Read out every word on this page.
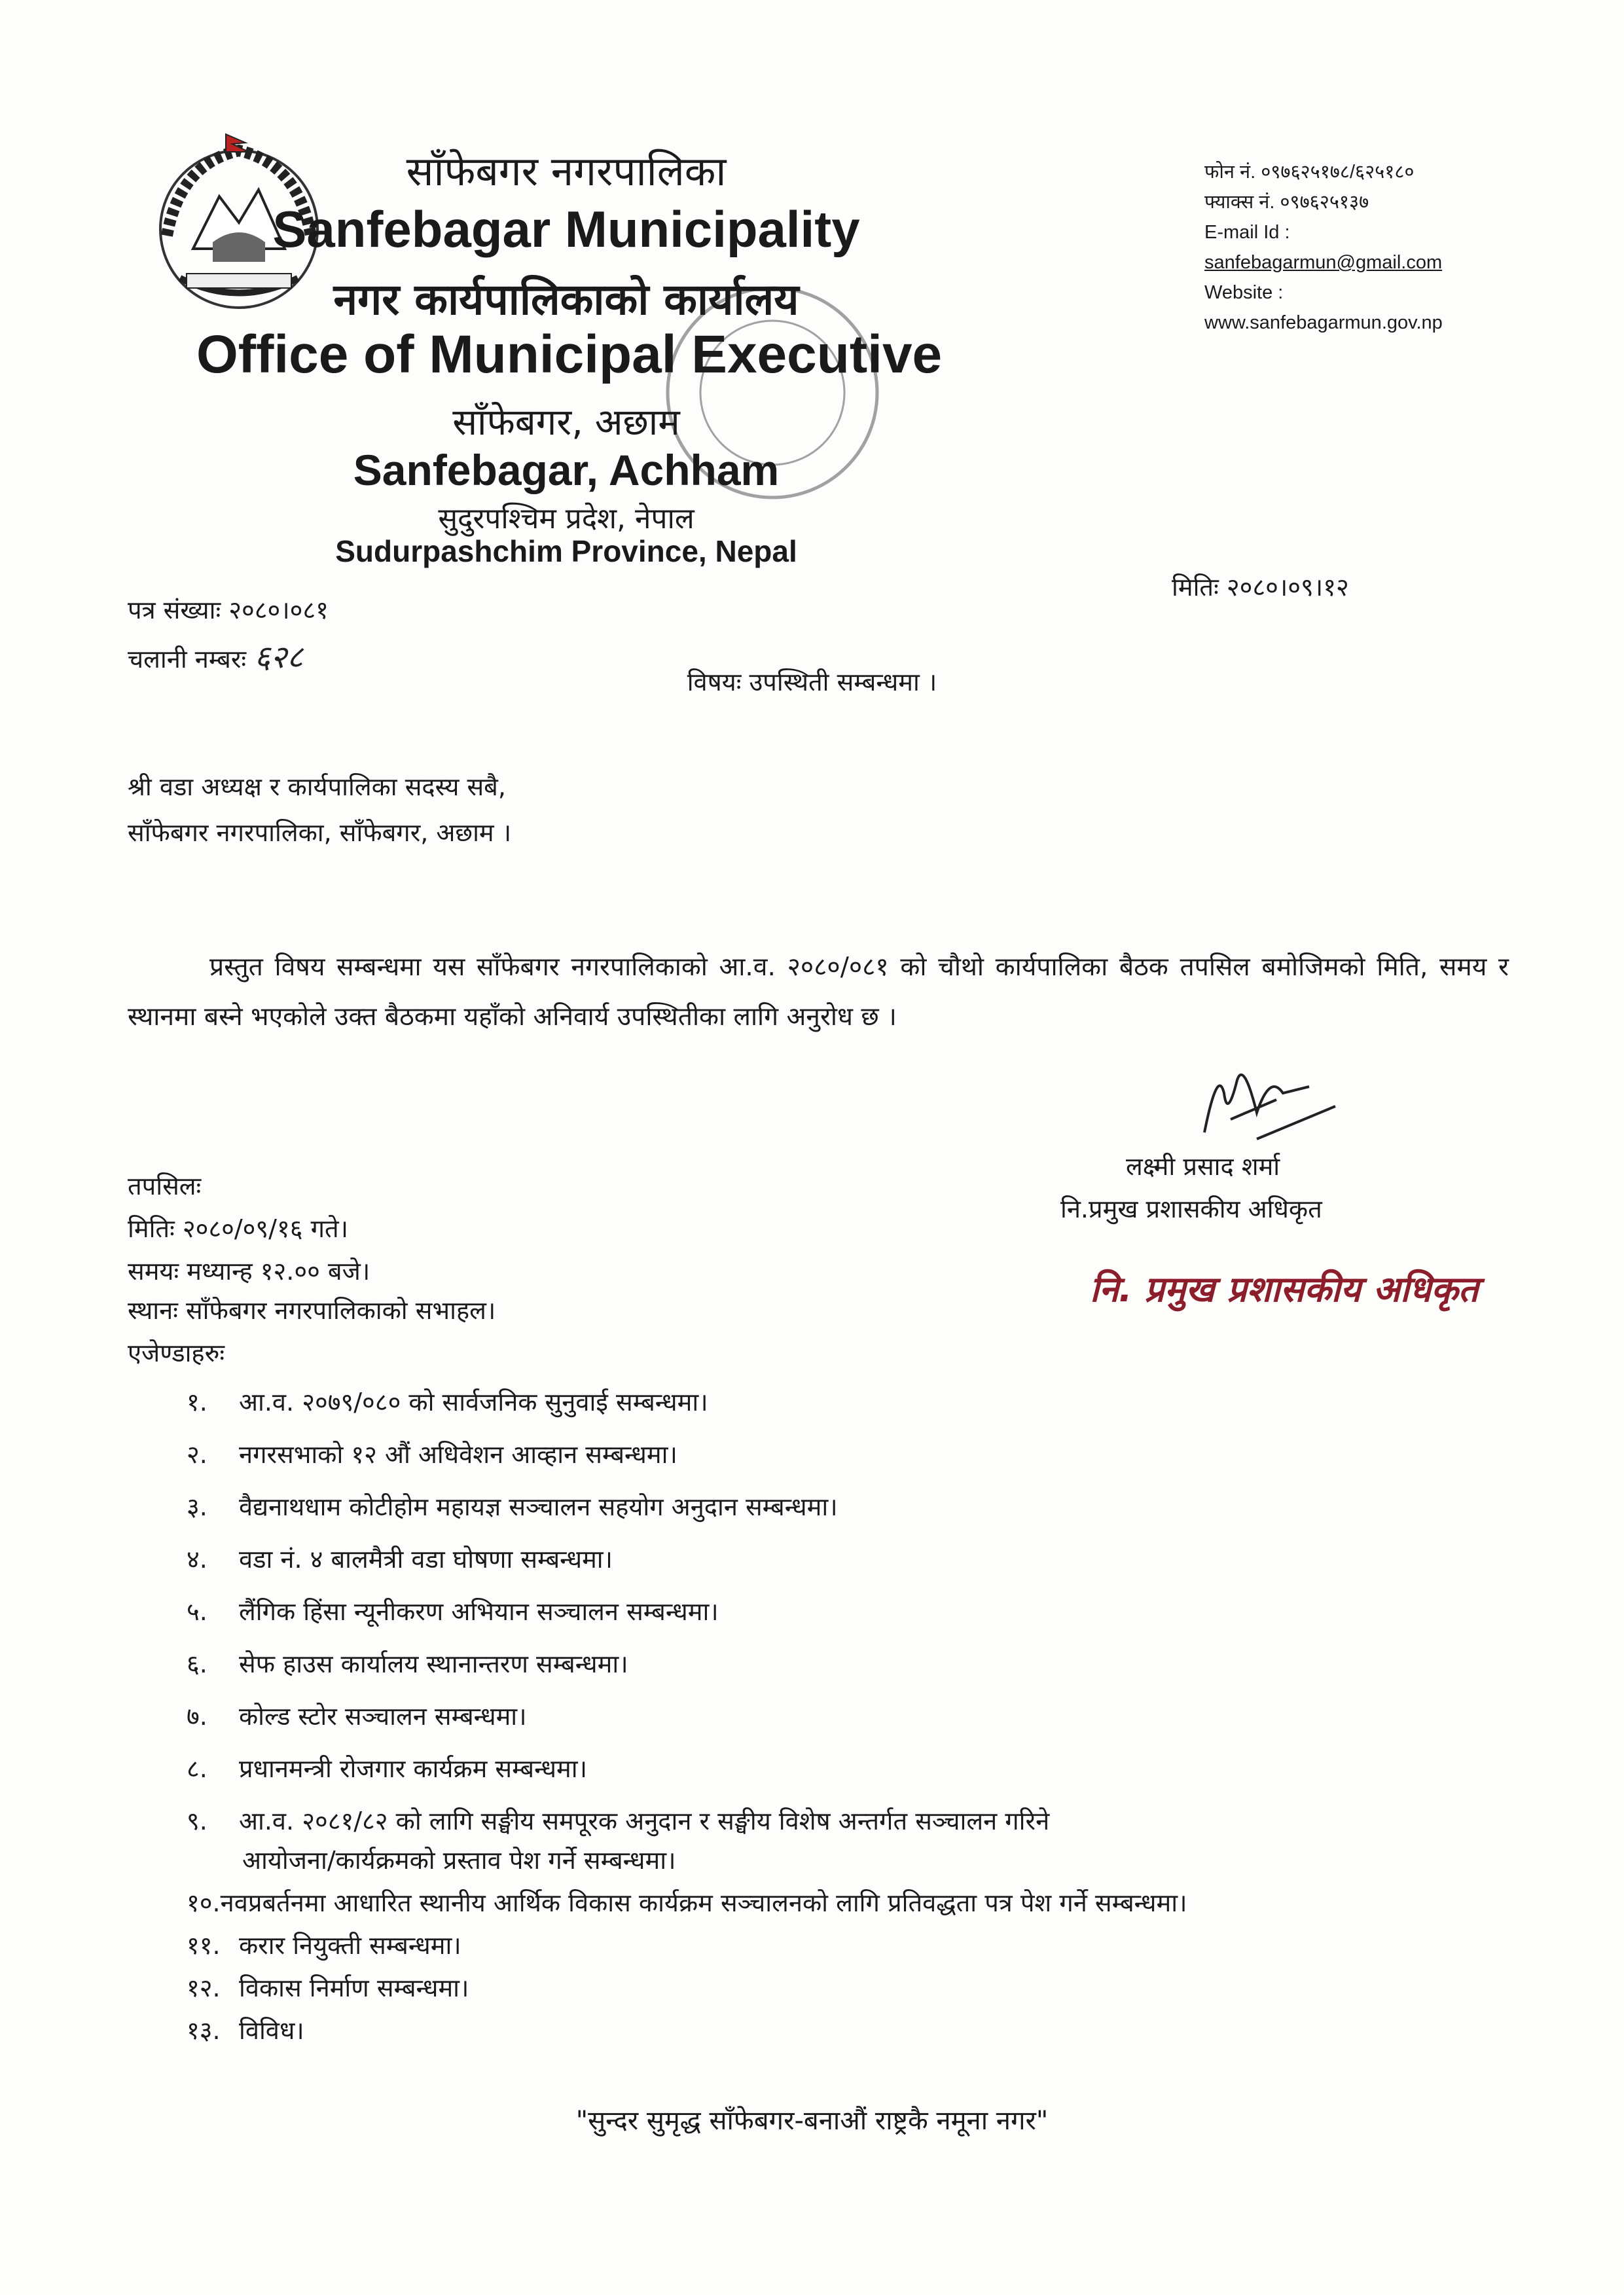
साँफेबगर नगरपालिका
Sanfebagar Municipality
नगर कार्यपालिकाको कार्यालय
Office of Municipal Executive
साँफेबगर, अछाम
Sanfebagar, Achham
सुदुरपश्चिम प्रदेश, नेपाल
Sudurpashchim Province, Nepal
फोन नं. ०९७६२५१७८/६२५१८०
फ्याक्स नं. ०९७६२५१३७
E-mail Id :
sanfebagarmun@gmail.com
Website :
www.sanfebagarmun.gov.np
पत्र संख्याः २०८०।०८१
चलानी नम्बरः ६२८
मितिः २०८०।०९।१२
विषयः उपस्थिती सम्बन्धमा ।
श्री वडा अध्यक्ष र कार्यपालिका सदस्य सबै,
साँफेबगर नगरपालिका, साँफेबगर, अछाम ।
प्रस्तुत विषय सम्बन्धमा यस साँफेबगर नगरपालिकाको आ.व. २०८०/०८१ को चौथो कार्यपालिका बैठक तपसिल बमोजिमको मिति, समय र स्थानमा बस्ने भएकोले उक्त बैठकमा यहाँको अनिवार्य उपस्थितीका लागि अनुरोध छ ।
लक्ष्मी प्रसाद शर्मा
नि.प्रमुख प्रशासकीय अधिकृत
नि. प्रमुख प्रशासकीय अधिकृत
तपसिलः
मितिः २०८०/०९/१६ गते।
समयः मध्यान्ह १२.०० बजे।
स्थानः साँफेबगर नगरपालिकाको सभाहल।
एजेण्डाहरुः
१. आ.व. २०७९/०८० को सार्वजनिक सुनुवाई सम्बन्धमा।
२. नगरसभाको १२ औं अधिवेशन आव्हान सम्बन्धमा।
३. वैद्यनाथधाम कोटीहोम महायज्ञ सञ्चालन सहयोग अनुदान सम्बन्धमा।
४. वडा नं. ४ बालमैत्री वडा घोषणा सम्बन्धमा।
५. लैंगिक हिंसा न्यूनीकरण अभियान सञ्चालन सम्बन्धमा।
६. सेफ हाउस कार्यालय स्थानान्तरण सम्बन्धमा।
७. कोल्ड स्टोर सञ्चालन सम्बन्धमा।
८. प्रधानमन्त्री रोजगार कार्यक्रम सम्बन्धमा।
९. आ.व. २०८१/८२ को लागि सङ्घीय समपूरक अनुदान र सङ्घीय विशेष अन्तर्गत सञ्चालन गरिने
आयोजना/कार्यक्रमको प्रस्ताव पेश गर्ने सम्बन्धमा।
१०.नवप्रबर्तनमा आधारित स्थानीय आर्थिक विकास कार्यक्रम सञ्चालनको लागि प्रतिवद्धता पत्र पेश गर्ने सम्बन्धमा।
११. करार नियुक्ती सम्बन्धमा।
१२. विकास निर्माण सम्बन्धमा।
१३. विविध।
"सुन्दर सुमृद्ध साँफेबगर-बनाऔं राष्ट्रकै नमूना नगर"
